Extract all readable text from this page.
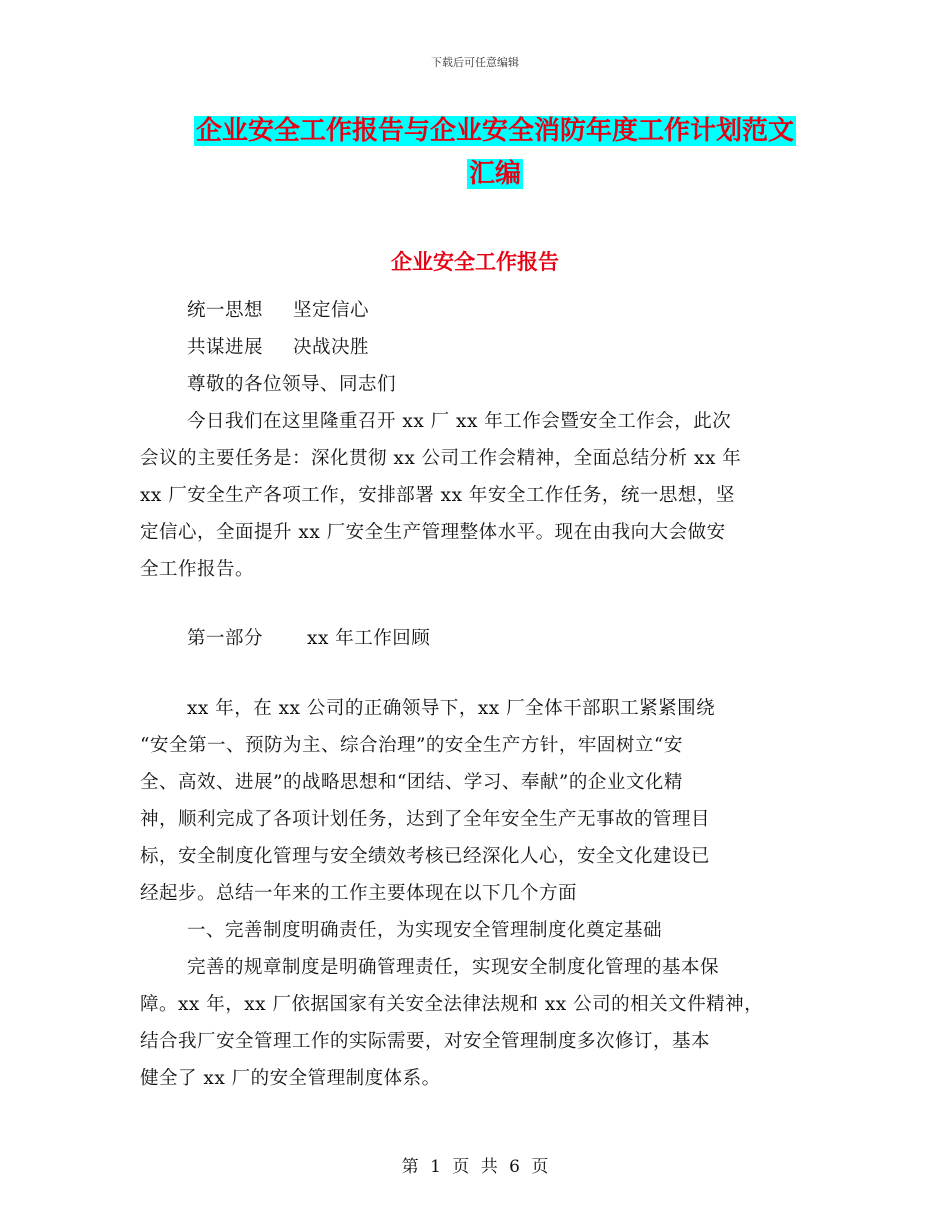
下载后可任意编辑
企业安全工作报告与企业安全消防年度工作计划范文
汇编
企业安全工作报告
统一思想 坚定信心
共谋进展 决战决胜
尊敬的各位领导、同志们
今日我们在这里隆重召开 xx 厂 xx 年工作会暨安全工作会，此次
会议的主要任务是：深化贯彻 xx 公司工作会精神，全面总结分析 xx 年
xx 厂安全生产各项工作，安排部署 xx 年安全工作任务，统一思想，坚
定信心，全面提升 xx 厂安全生产管理整体水平。现在由我向大会做安
全工作报告。
第一部分 xx 年工作回顾
xx 年，在 xx 公司的正确领导下，xx 厂全体干部职工紧紧围绕
“安全第一、预防为主、综合治理”的安全生产方针，牢固树立“安
全、高效、进展”的战略思想和“团结、学习、奉献”的企业文化精
神，顺利完成了各项计划任务，达到了全年安全生产无事故的管理目
标，安全制度化管理与安全绩效考核已经深化人心，安全文化建设已
经起步。总结一年来的工作主要体现在以下几个方面
一、完善制度明确责任，为实现安全管理制度化奠定基础
完善的规章制度是明确管理责任，实现安全制度化管理的基本保
障。xx 年，xx 厂依据国家有关安全法律法规和 xx 公司的相关文件精神，
结合我厂安全管理工作的实际需要，对安全管理制度多次修订，基本
健全了 xx 厂的安全管理制度体系。
第 1 页 共 6 页
